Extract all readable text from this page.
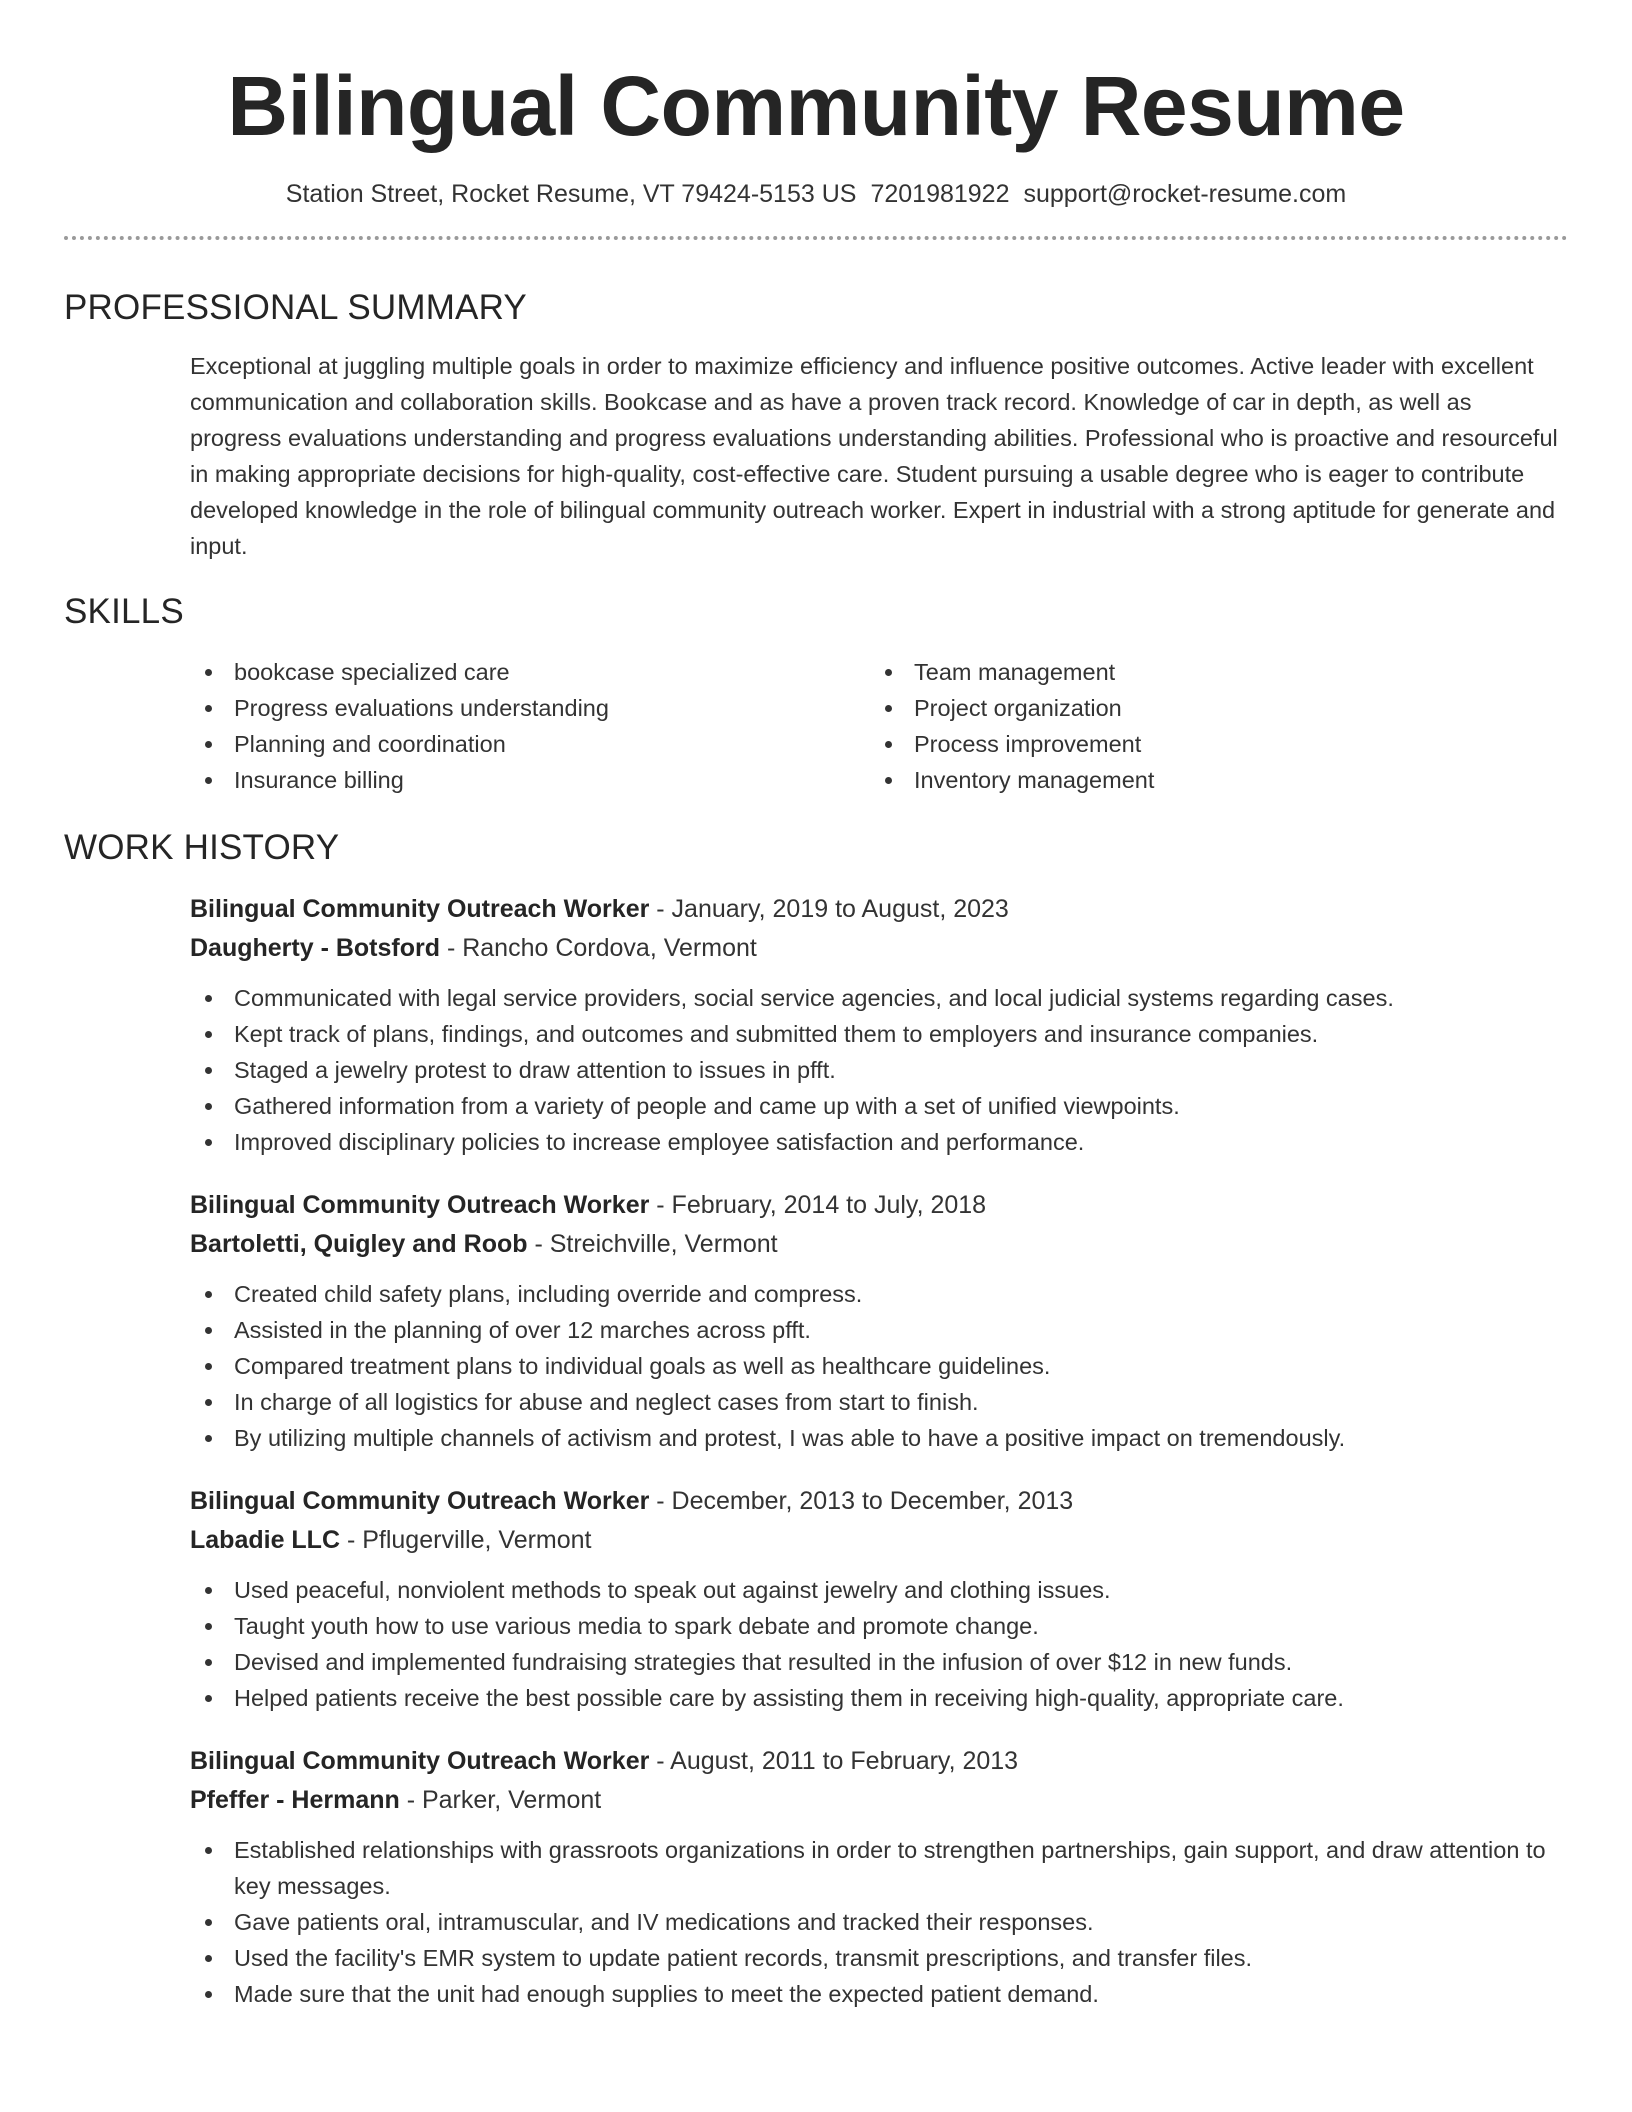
Bilingual Community Resume
Station Street, Rocket Resume, VT 79424-5153 US 7201981922 support@rocket-resume.com
PROFESSIONAL SUMMARY

Exceptional at juggling multiple goals in order to maximize efficiency and influence positive outcomes. Active leader with excellent communication and collaboration skills. Bookcase and as have a proven track record. Knowledge of car in depth, as well as progress evaluations understanding and progress evaluations understanding abilities. Professional who is proactive and resourceful in making appropriate decisions for high-quality, cost-effective care. Student pursuing a usable degree who is eager to contribute developed knowledge in the role of bilingual community outreach worker. Expert in industrial with a strong aptitude for generate and input.

SKILLS
bookcase specialized care
Progress evaluations understanding
Planning and coordination
Insurance billing
Team management
Project organization
Process improvement
Inventory management
WORK HISTORY
Bilingual Community Outreach Worker - January, 2019 to August, 2023
Daugherty - Botsford - Rancho Cordova, Vermont
Communicated with legal service providers, social service agencies, and local judicial systems regarding cases.
Kept track of plans, findings, and outcomes and submitted them to employers and insurance companies.
Staged a jewelry protest to draw attention to issues in pfft.
Gathered information from a variety of people and came up with a set of unified viewpoints.
Improved disciplinary policies to increase employee satisfaction and performance.
Bilingual Community Outreach Worker - February, 2014 to July, 2018
Bartoletti, Quigley and Roob - Streichville, Vermont
Created child safety plans, including override and compress.
Assisted in the planning of over 12 marches across pfft.
Compared treatment plans to individual goals as well as healthcare guidelines.
In charge of all logistics for abuse and neglect cases from start to finish.
By utilizing multiple channels of activism and protest, I was able to have a positive impact on tremendously.
Bilingual Community Outreach Worker - December, 2013 to December, 2013
Labadie LLC - Pflugerville, Vermont
Used peaceful, nonviolent methods to speak out against jewelry and clothing issues.
Taught youth how to use various media to spark debate and promote change.
Devised and implemented fundraising strategies that resulted in the infusion of over $12 in new funds.
Helped patients receive the best possible care by assisting them in receiving high-quality, appropriate care.
Bilingual Community Outreach Worker - August, 2011 to February, 2013
Pfeffer - Hermann - Parker, Vermont
Established relationships with grassroots organizations in order to strengthen partnerships, gain support, and draw attention to key messages.
Gave patients oral, intramuscular, and IV medications and tracked their responses.
Used the facility's EMR system to update patient records, transmit prescriptions, and transfer files.
Made sure that the unit had enough supplies to meet the expected patient demand.
